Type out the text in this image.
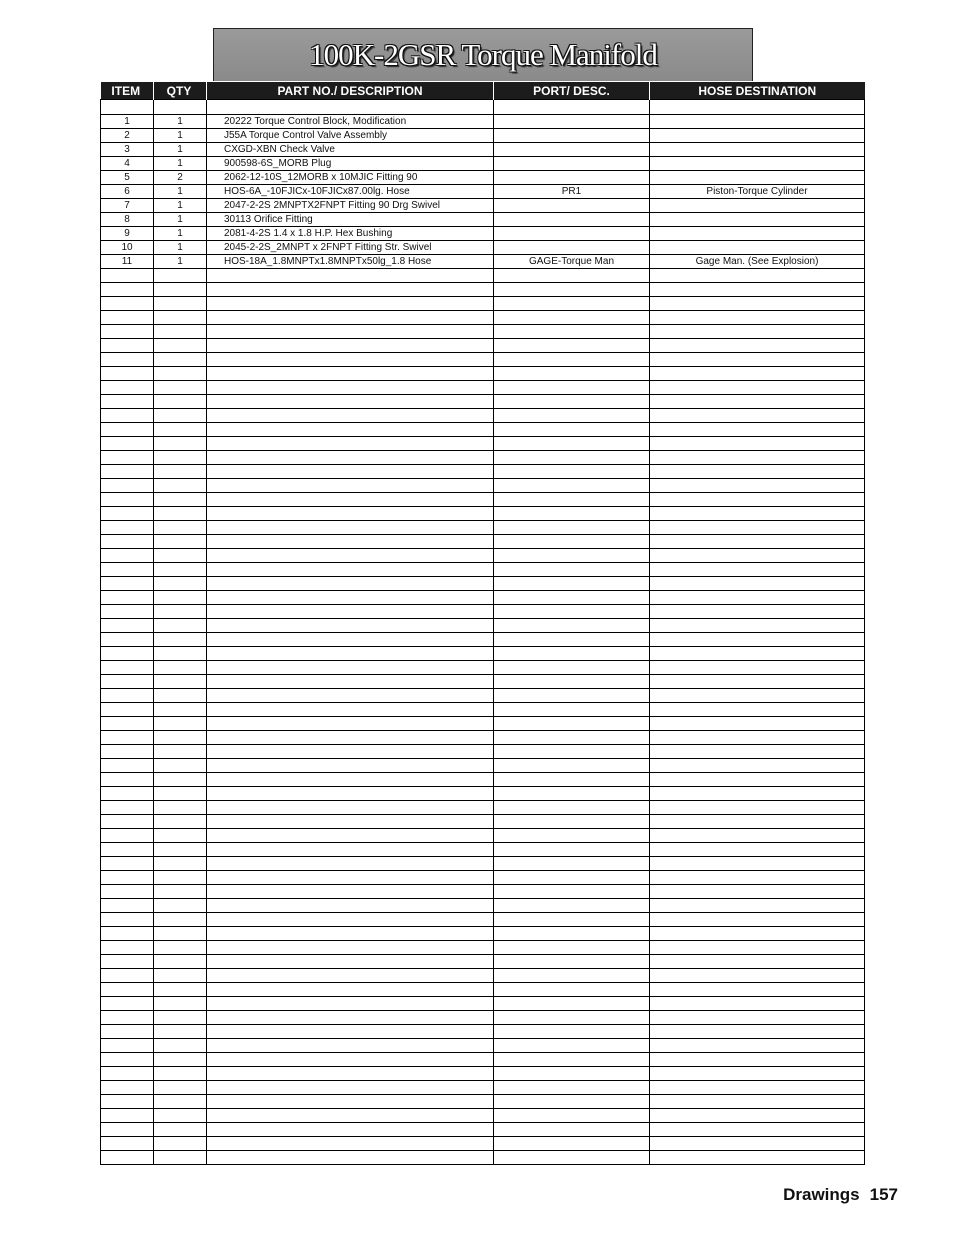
100K-2GSR Torque Manifold
ITEM	QTY	PART NO./ DESCRIPTION	PORT/ DESC.	HOSE DESTINATION

1	1	20222 Torque Control Block, Modification		
2	1	J55A Torque Control Valve Assembly		
3	1	CXGD-XBN Check Valve		
4	1	900598-6S_MORB Plug		
5	2	2062-12-10S_12MORB x 10MJIC Fitting 90		
6	1	HOS-6A_-10FJICx-10FJICx87.00lg. Hose	PR1	Piston-Torque Cylinder
7	1	2047-2-2S 2MNPTX2FNPT Fitting 90 Drg Swivel		
8	1	30113 Orifice Fitting		
9	1	2081-4-2S 1.4 x 1.8 H.P. Hex Bushing		
10	1	2045-2-2S_2MNPT x 2FNPT Fitting Str. Swivel		
11	1	HOS-18A_1.8MNPTx1.8MNPTx50lg_1.8 Hose	GAGE-Torque Man	Gage Man. (See Explosion)

Drawings 157
